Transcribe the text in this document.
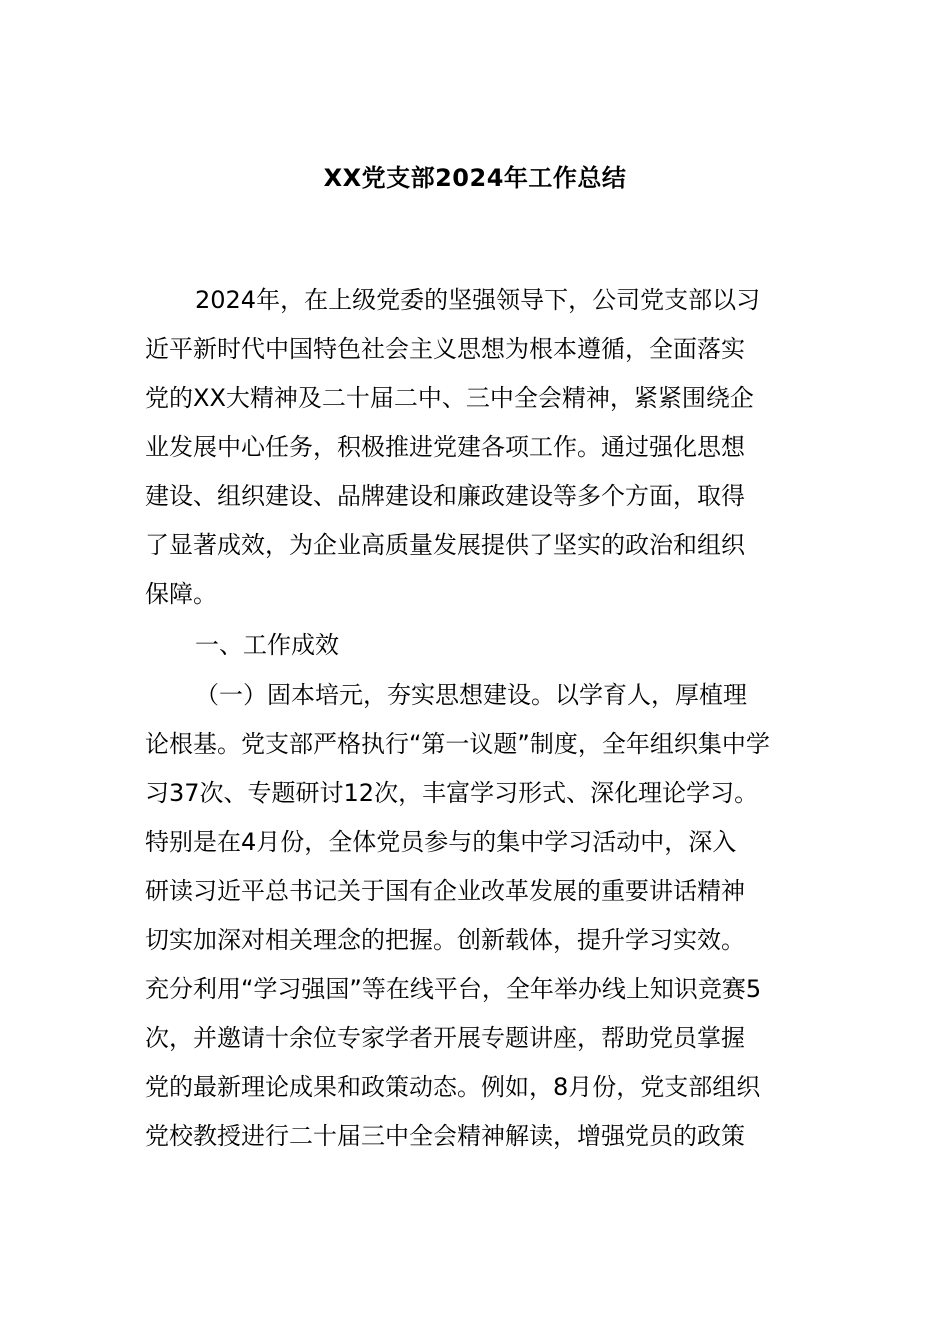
XX党支部2024年工作总结
2024年，在上级党委的坚强领导下，公司党支部以习
近平新时代中国特色社会主义思想为根本遵循，全面落实
党的XX大精神及二十届二中、三中全会精神，紧紧围绕企
业发展中心任务，积极推进党建各项工作。通过强化思想
建设、组织建设、品牌建设和廉政建设等多个方面，取得
了显著成效，为企业高质量发展提供了坚实的政治和组织
保障。
一、工作成效
（一）固本培元，夯实思想建设。以学育人，厚植理
论根基。党支部严格执行“第一议题”制度，全年组织集中学
习37次、专题研讨12次，丰富学习形式、深化理论学习。
特别是在4月份，全体党员参与的集中学习活动中，深入
研读习近平总书记关于国有企业改革发展的重要讲话精神
切实加深对相关理念的把握。创新载体，提升学习实效。
充分利用“学习强国”等在线平台，全年举办线上知识竞赛5
次，并邀请十余位专家学者开展专题讲座，帮助党员掌握
党的最新理论成果和政策动态。例如，8月份，党支部组织
党校教授进行二十届三中全会精神解读，增强党员的政策
